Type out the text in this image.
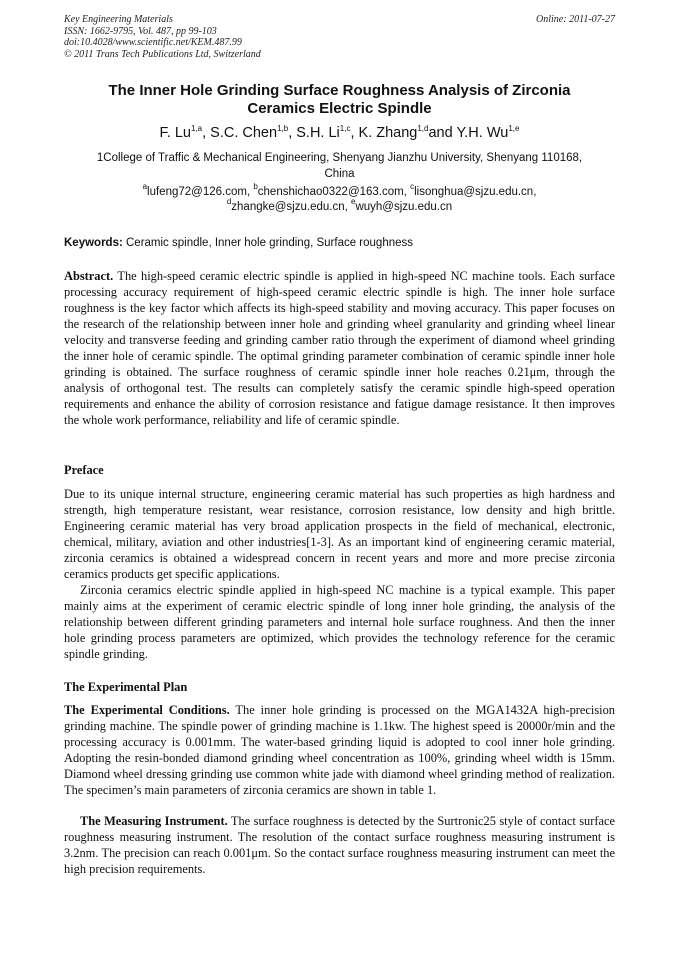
Key Engineering Materials
ISSN: 1662-9795, Vol. 487, pp 99-103
doi:10.4028/www.scientific.net/KEM.487.99
© 2011 Trans Tech Publications Ltd, Switzerland
Online: 2011-07-27
The Inner Hole Grinding Surface Roughness Analysis of Zirconia
Ceramics Electric Spindle
F. Lu$^{1,a}$, S.C. Chen$^{1,b}$, S.H. Li$^{1,c}$, K. Zhang$^{1,d}$and Y.H. Wu$^{1,e}$
1College of Traffic & Mechanical Engineering, Shenyang Jianzhu University, Shenyang 110168,
China
$^a$lufeng72@126.com, $^b$chenshichao0322@163.com, $^c$lisonghua@sjzu.edu.cn,
$^d$zhangke@sjzu.edu.cn, $^e$wuyh@sjzu.edu.cn
Keywords: Ceramic spindle, Inner hole grinding, Surface roughness
Abstract. The high-speed ceramic electric spindle is applied in high-speed NC machine tools. Each surface processing accuracy requirement of high-speed ceramic electric spindle is high. The inner hole surface roughness is the key factor which affects its high-speed stability and moving accuracy. This paper focuses on the research of the relationship between inner hole and grinding wheel granularity and grinding wheel linear velocity and transverse feeding and grinding camber ratio through the experiment of diamond wheel grinding the inner hole of ceramic spindle. The optimal grinding parameter combination of ceramic spindle inner hole grinding is obtained. The surface roughness of ceramic spindle inner hole reaches 0.21μm, through the analysis of orthogonal test. The results can completely satisfy the ceramic spindle high-speed operation requirements and enhance the ability of corrosion resistance and fatigue damage resistance. It then improves the whole work performance, reliability and life of ceramic spindle.
Preface
Due to its unique internal structure, engineering ceramic material has such properties as high hardness and strength, high temperature resistant, wear resistance, corrosion resistance, low density and high brittle. Engineering ceramic material has very broad application prospects in the field of mechanical, electronic, chemical, military, aviation and other industries[1-3]. As an important kind of engineering ceramic material, zirconia ceramics is obtained a widespread concern in recent years and more and more precise zirconia ceramics products get specific applications.
Zirconia ceramics electric spindle applied in high-speed NC machine is a typical example. This paper mainly aims at the experiment of ceramic electric spindle of long inner hole grinding, the analysis of the relationship between different grinding parameters and internal hole surface roughness. And then the inner hole grinding process parameters are optimized, which provides the technology reference for the ceramic spindle grinding.
The Experimental Plan
The Experimental Conditions. The inner hole grinding is processed on the MGA1432A high-precision grinding machine. The spindle power of grinding machine is 1.1kw. The highest speed is 20000r/min and the processing accuracy is 0.001mm. The water-based grinding liquid is adopted to cool inner hole grinding. Adopting the resin-bonded diamond grinding wheel concentration as 100%, grinding wheel width is 15mm. Diamond wheel dressing grinding use common white jade with diamond wheel grinding method of realization. The specimen’s main parameters of zirconia ceramics are shown in table 1.
The Measuring Instrument. The surface roughness is detected by the Surtronic25 style of contact surface roughness measuring instrument. The resolution of the contact surface roughness measuring instrument is 3.2nm. The precision can reach 0.001μm. So the contact surface roughness measuring instrument can meet the high precision requirements.
